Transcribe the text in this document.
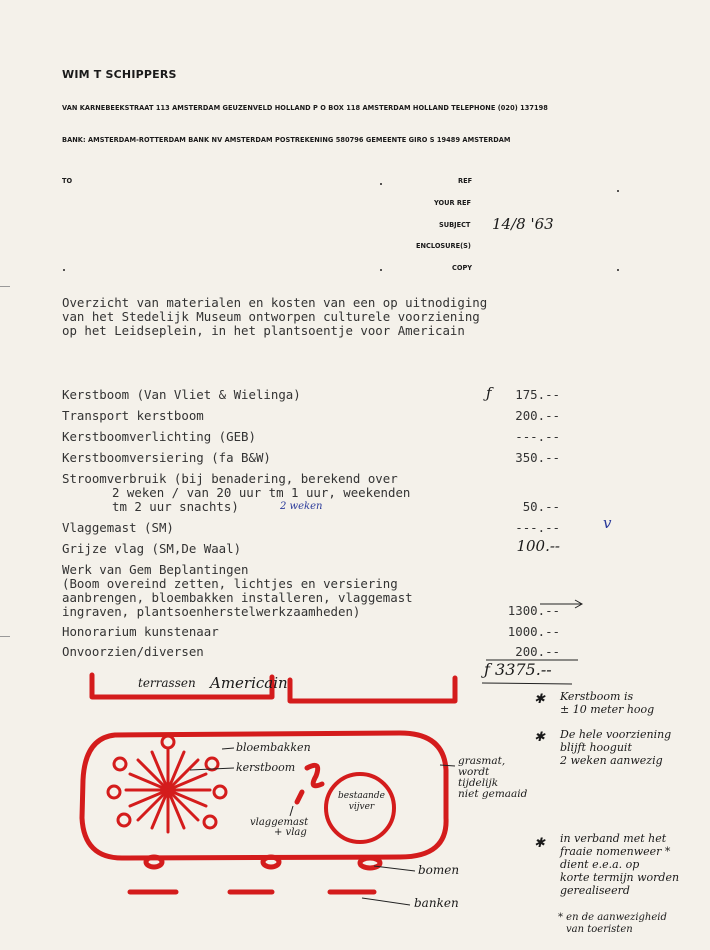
WIM T SCHIPPERS
VAN KARNEBEEKSTRAAT 113 AMSTERDAM GEUZENVELD HOLLAND P O BOX 118 AMSTERDAM HOLLAND TELEPHONE (020) 137198
BANK: AMSTERDAM-ROTTERDAM BANK NV AMSTERDAM POSTREKENING 580796 GEMEENTE GIRO S 19489 AMSTERDAM
TO	REF
YOUR REF
SUBJECT 14/8 '63
ENCLOSURE(S)
COPY
Overzicht van materialen en kosten van een op uitnodiging
van het Stedelijk Museum ontworpen culturele voorziening
op het Leidseplein, in het plantsoentje voor Americain
Kerstboom (Van Vliet & Wielinga)	ƒ	175.--
Transport kerstboom	200.--
Kerstboomverlichting (GEB)	---.--
Kerstboomversiering (fa B&W)	350.--
Stroomverbruik (bij benadering, berekend over
2 weken / van 20 uur tm 1 uur, weekenden
tm 2 uur snachts)	2 weken	50.--
Vlaggemast (SM)	---.--	v
Grijze vlag (SM,De Waal)	100.--
Werk van Gem Beplantingen
(Boom overeind zetten, lichtjes en versiering
aanbrengen, bloembakken installeren, vlaggemast
ingraven, plantsoenherstelwerkzaamheden)	1300.--
Honorarium kunstenaar	1000.--
Onvoorzien/diversen	200.--
ƒ 3375.--
terrassen Americain
bloembakken
kerstboom	grasmat,
wordt
tijdelijk
niet gemaaid
bestaande
vijver
vlaggemast
+ vlag
bomen
banken
✱ Kerstboom is
± 10 meter hoog
✱ De hele voorziening
blijft hooguit
2 weken aanwezig
✱ in verband met het
fraaie nomenweer *
dient e.e.a. op
korte termijn worden
gerealiseerd
* en de aanwezigheid
van toeristen
